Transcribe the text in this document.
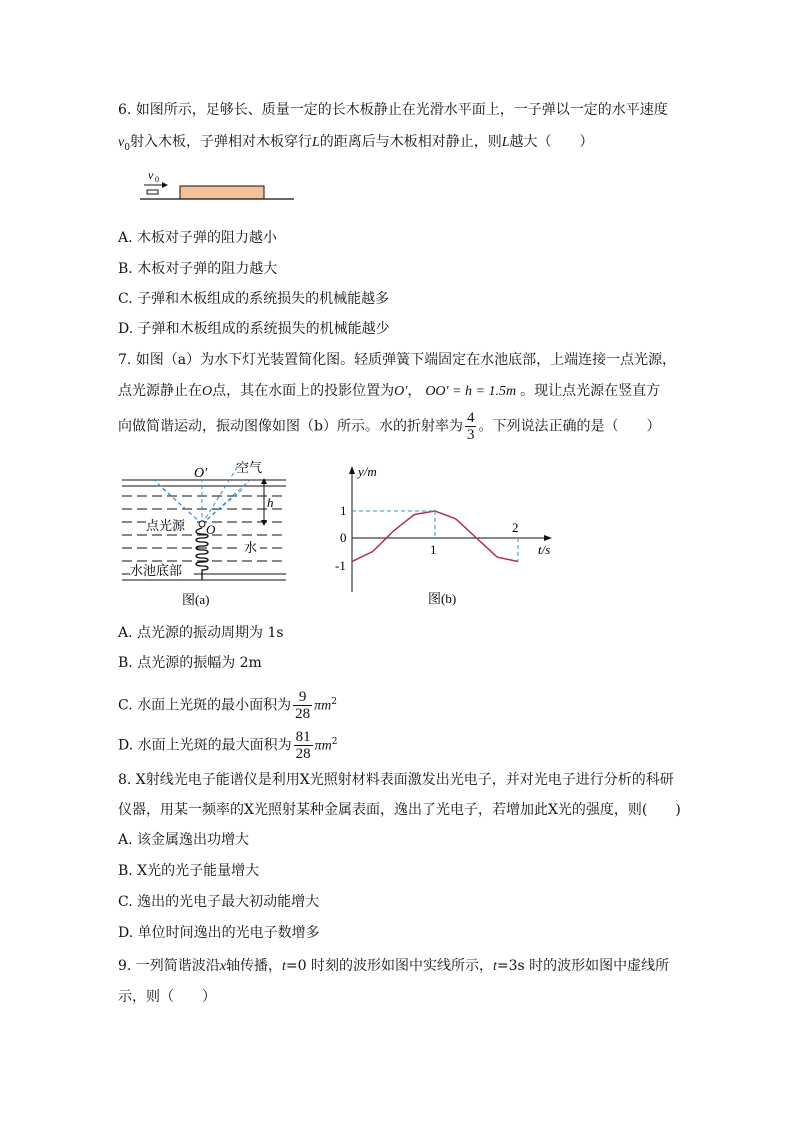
6. 如图所示，足够长、质量一定的长木板静止在光滑水平面上，一子弹以一定的水平速度
$v_0$射入木板，子弹相对木板穿行L的距离后与木板相对静止，则L越大（　　）
v 0
A. 木板对子弹的阻力越小
B. 木板对子弹的阻力越大
C. 子弹和木板组成的系统损失的机械能越多
D. 子弹和木板组成的系统损失的机械能越少
7. 如图（a）为水下灯光装置简化图。轻质弹簧下端固定在水池底部，上端连接一点光源，
点光源静止在O点，其在水面上的投影位置为O′， OO′ = h = 1.5m 。现让点光源在竖直方
向做简谐运动，振动图像如图（b）所示。水的折射率为 $\frac{4}{3}$ 。下列说法正确的是（　　）
O′ 空气
h
点光源 O
水
水池底部
图(a)
y/m
t/s
1
0
-1
1
2
图(b)
A. 点光源的振动周期为 1s
B. 点光源的振幅为 2m
C. 水面上光斑的最小面积为 $\frac{9}{28} \pi m^2$
D. 水面上光斑的最大面积为 $\frac{81}{28} \pi m^2$
8. X射线光电子能谱仪是利用X光照射材料表面激发出光电子，并对光电子进行分析的科研
仪器，用某一频率的X光照射某种金属表面，逸出了光电子，若增加此X光的强度，则(　　)
A. 该金属逸出功增大
B. X光的光子能量增大
C. 逸出的光电子最大初动能增大
D. 单位时间逸出的光电子数增多
9. 一列简谐波沿x轴传播，t=0 时刻的波形如图中实线所示，t=3s 时的波形如图中虚线所
示，则（　　）
